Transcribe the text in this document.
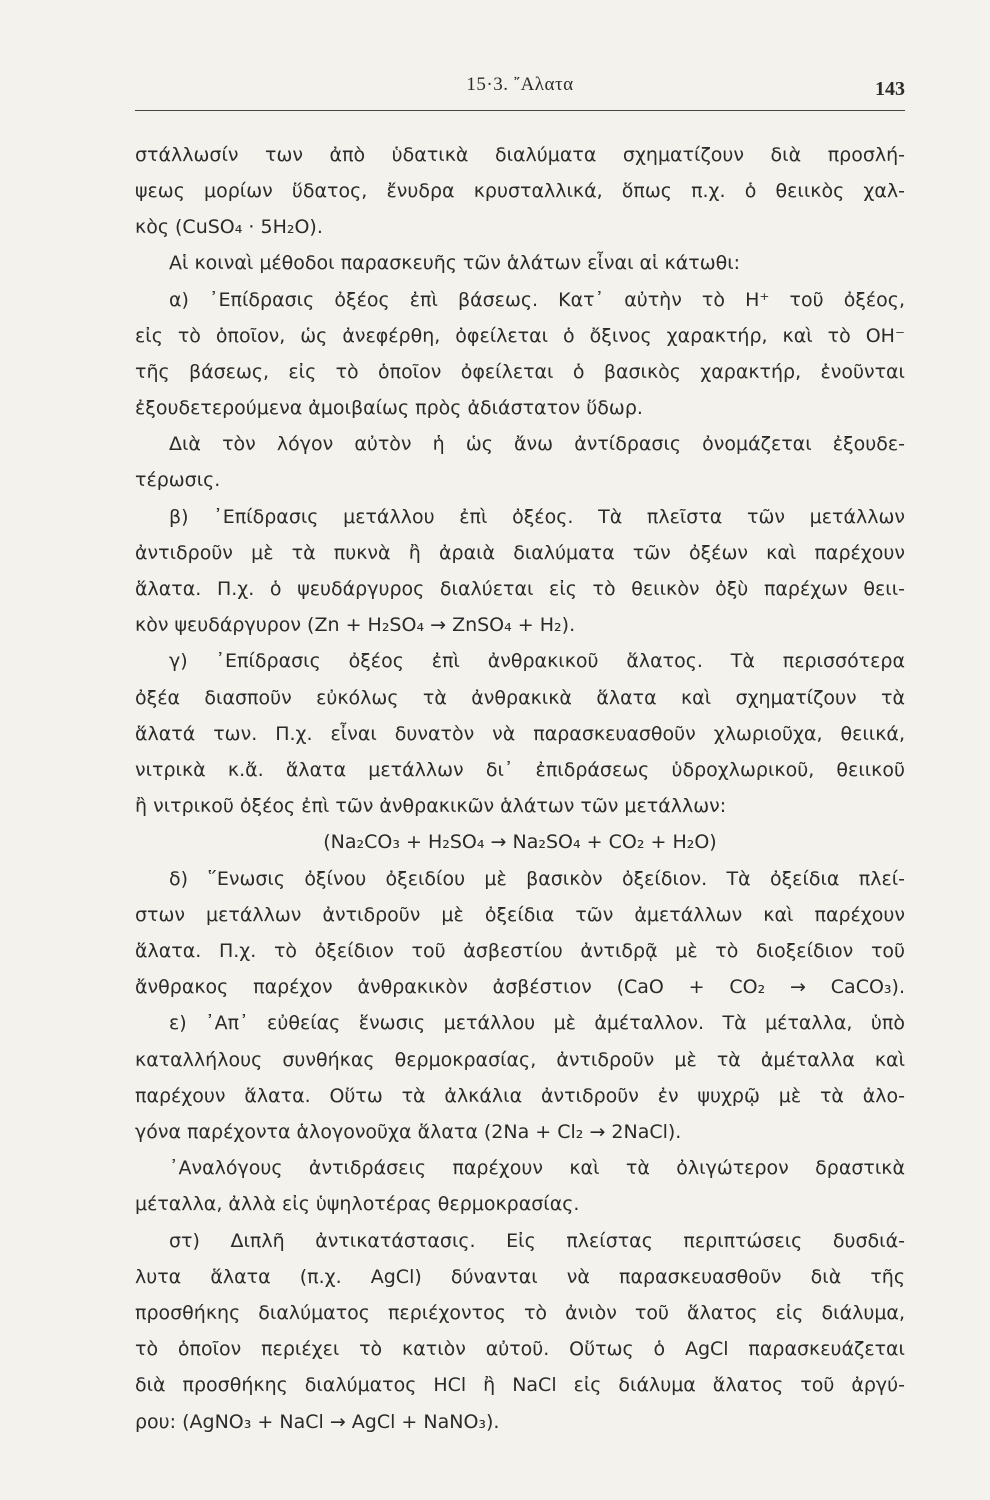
15·3. ῎Αλατα	143
στάλλωσίν των ἀπὸ ὑδατικὰ διαλύματα σχηματίζουν διὰ προσλή-
ψεως μορίων ὕδατος, ἔνυδρα κρυσταλλικά, ὅπως π.χ. ὁ θειικὸς χαλ-
κὸς (CuSO₄ · 5H₂O).
Αἱ κοιναὶ μέθοδοι παρασκευῆς τῶν ἁλάτων εἶναι αἱ κάτωθι:
α) ᾿Επίδρασις ὀξέος ἐπὶ βάσεως. Κατ᾿ αὐτὴν τὸ H⁺ τοῦ ὀξέος,
εἰς τὸ ὁποῖον, ὡς ἀνεφέρθη, ὀφείλεται ὁ ὄξινος χαρακτήρ, καὶ τὸ OH⁻
τῆς βάσεως, εἰς τὸ ὁποῖον ὀφείλεται ὁ βασικὸς χαρακτήρ, ἑνοῦνται
ἐξουδετερούμενα ἀμοιβαίως πρὸς ἀδιάστατον ὕδωρ.
Διὰ τὸν λόγον αὐτὸν ἡ ὡς ἄνω ἀντίδρασις ὀνομάζεται ἐξουδε-
τέρωσις.
β) ᾿Επίδρασις μετάλλου ἐπὶ ὀξέος. Τὰ πλεῖστα τῶν μετάλλων
ἀντιδροῦν μὲ τὰ πυκνὰ ἢ ἀραιὰ διαλύματα τῶν ὀξέων καὶ παρέχουν
ἅλατα. Π.χ. ὁ ψευδάργυρος διαλύεται εἰς τὸ θειικὸν ὀξὺ παρέχων θειι-
κὸν ψευδάργυρον (Zn + H₂SO₄ → ZnSO₄ + H₂).
γ) ᾿Επίδρασις ὀξέος ἐπὶ ἀνθρακικοῦ ἅλατος. Τὰ περισσότερα
ὀξέα διασποῦν εὐκόλως τὰ ἀνθρακικὰ ἅλατα καὶ σχηματίζουν τὰ
ἅλατά των. Π.χ. εἶναι δυνατὸν νὰ παρασκευασθοῦν χλωριοῦχα, θειικά,
νιτρικὰ κ.ἄ. ἅλατα μετάλλων δι᾿ ἐπιδράσεως ὑδροχλωρικοῦ, θειικοῦ
ἢ νιτρικοῦ ὀξέος ἐπὶ τῶν ἀνθρακικῶν ἁλάτων τῶν μετάλλων:
(Na₂CO₃ + H₂SO₄ → Na₂SO₄ + CO₂ + H₂O)
δ) ῞Ενωσις ὀξίνου ὀξειδίου μὲ βασικὸν ὀξείδιον. Τὰ ὀξείδια πλεί-
στων μετάλλων ἀντιδροῦν μὲ ὀξείδια τῶν ἀμετάλλων καὶ παρέχουν
ἅλατα. Π.χ. τὸ ὀξείδιον τοῦ ἀσβεστίου ἀντιδρᾷ μὲ τὸ διοξείδιον τοῦ
ἄνθρακος παρέχον ἀνθρακικὸν ἀσβέστιον (CaO + CO₂ → CaCO₃).
ε) ᾿Απ᾿ εὐθείας ἕνωσις μετάλλου μὲ ἀμέταλλον. Τὰ μέταλλα, ὑπὸ
καταλλήλους συνθήκας θερμοκρασίας, ἀντιδροῦν μὲ τὰ ἀμέταλλα καὶ
παρέχουν ἅλατα. Οὕτω τὰ ἀλκάλια ἀντιδροῦν ἐν ψυχρῷ μὲ τὰ ἀλο-
γόνα παρέχοντα ἁλογονοῦχα ἅλατα (2Na + Cl₂ → 2NaCl).
᾿Αναλόγους ἀντιδράσεις παρέχουν καὶ τὰ ὀλιγώτερον δραστικὰ
μέταλλα, ἀλλὰ εἰς ὑψηλοτέρας θερμοκρασίας.
στ) Διπλῆ ἀντικατάστασις. Εἰς πλείστας περιπτώσεις δυσδιά-
λυτα ἅλατα (π.χ. AgCl) δύνανται νὰ παρασκευασθοῦν διὰ τῆς
προσθήκης διαλύματος περιέχοντος τὸ ἀνιὸν τοῦ ἅλατος εἰς διάλυμα,
τὸ ὁποῖον περιέχει τὸ κατιὸν αὐτοῦ. Οὕτως ὁ AgCl παρασκευάζεται
διὰ προσθήκης διαλύματος HCl ἢ NaCl εἰς διάλυμα ἅλατος τοῦ ἀργύ-
ρου: (AgNO₃ + NaCl → AgCl + NaNO₃).
